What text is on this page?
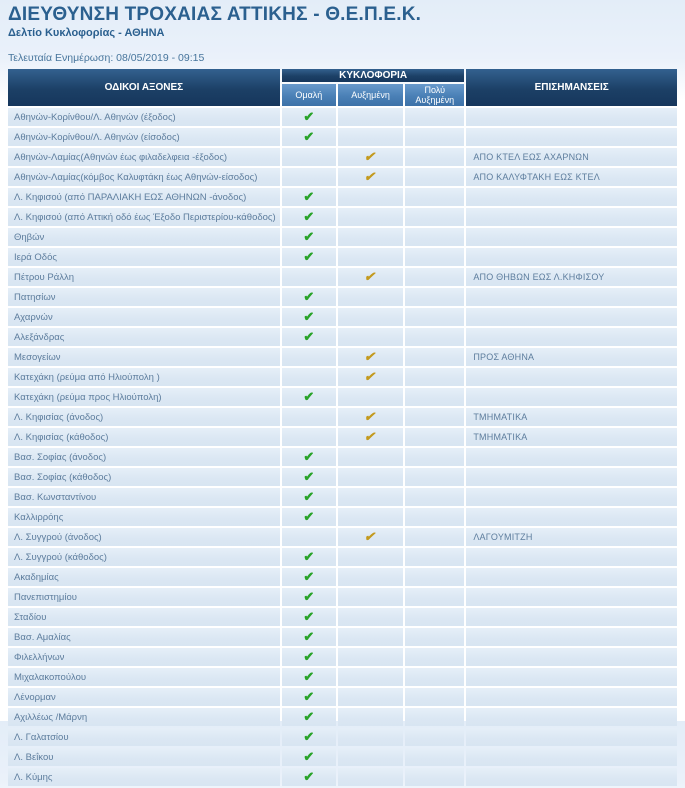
ΔΙΕΥΘΥΝΣΗ ΤΡΟΧΑΙΑΣ ΑΤΤΙΚΗΣ - Θ.Ε.Π.Ε.Κ.
Δελτίο Κυκλοφορίας - ΑΘΗΝΑ
Τελευταία Ενημέρωση: 08/05/2019 - 09:15
ΟΔΙΚΟΙ ΑΞΟΝΕΣ	ΚΥΚΛΟΦΟΡΙΑ			ΕΠΙΣΗΜΑΝΣΕΙΣ
	Ομαλή	Αυξημένη	Πολύ Αυξημένη	
Αθηνών-Κορίνθου/Λ. Αθηνών (έξοδος)	✔			
Αθηνών-Κορίνθου/Λ. Αθηνών (είσοδος)	✔			
Αθηνών-Λαμίας(Αθηνών έως φιλαδελφεια -έξοδος)		✔		ΑΠΟ ΚΤΕΛ ΕΩΣ ΑΧΑΡΝΩΝ
Αθηνών-Λαμίας(κόμβος Καλυφτάκη έως Αθηνών-είσοδος)		✔		ΑΠΟ ΚΑΛΥΦΤΑΚΗ ΕΩΣ ΚΤΕΛ
Λ. Κηφισού (από ΠΑΡΑΛΙΑΚΗ ΕΩΣ ΑΘΗΝΩΝ -άνοδος)	✔			
Λ. Κηφισού (από Αττική οδό έως Έξοδο Περιστερίου-κάθοδος)	✔			
Θηβών	✔			
Ιερά Οδός	✔			
Πέτρου Ράλλη		✔		ΑΠΟ ΘΗΒΩΝ ΕΩΣ Λ.ΚΗΦΙΣΟΥ
Πατησίων	✔			
Αχαρνών	✔			
Αλεξάνδρας	✔			
Μεσογείων		✔		ΠΡΟΣ ΑΘΗΝΑ
Κατεχάκη (ρεύμα από Ηλιούπολη )		✔		
Κατεχάκη (ρεύμα προς Ηλιούπολη)	✔			
Λ. Κηφισίας (άνοδος)		✔		ΤΜΗΜΑΤΙΚΑ
Λ. Κηφισίας (κάθοδος)		✔		ΤΜΗΜΑΤΙΚΑ
Βασ. Σοφίας (άνοδος)	✔			
Βασ. Σοφίας (κάθοδος)	✔			
Βασ. Κωνσταντίνου	✔			
Καλλιρρόης	✔			
Λ. Συγγρού (άνοδος)		✔		ΛΑΓΟΥΜΙΤΖΗ
Λ. Συγγρού (κάθοδος)	✔			
Ακαδημίας	✔			
Πανεπιστημίου	✔			
Σταδίου	✔			
Βασ. Αμαλίας	✔			
Φιλελλήνων	✔			
Μιχαλακοπούλου	✔			
Λένορμαν	✔			
Αχιλλέως /Μάρνη	✔			
Λ. Γαλατσίου	✔			
Λ. Βεΐκου	✔			
Λ. Κύμης	✔			
